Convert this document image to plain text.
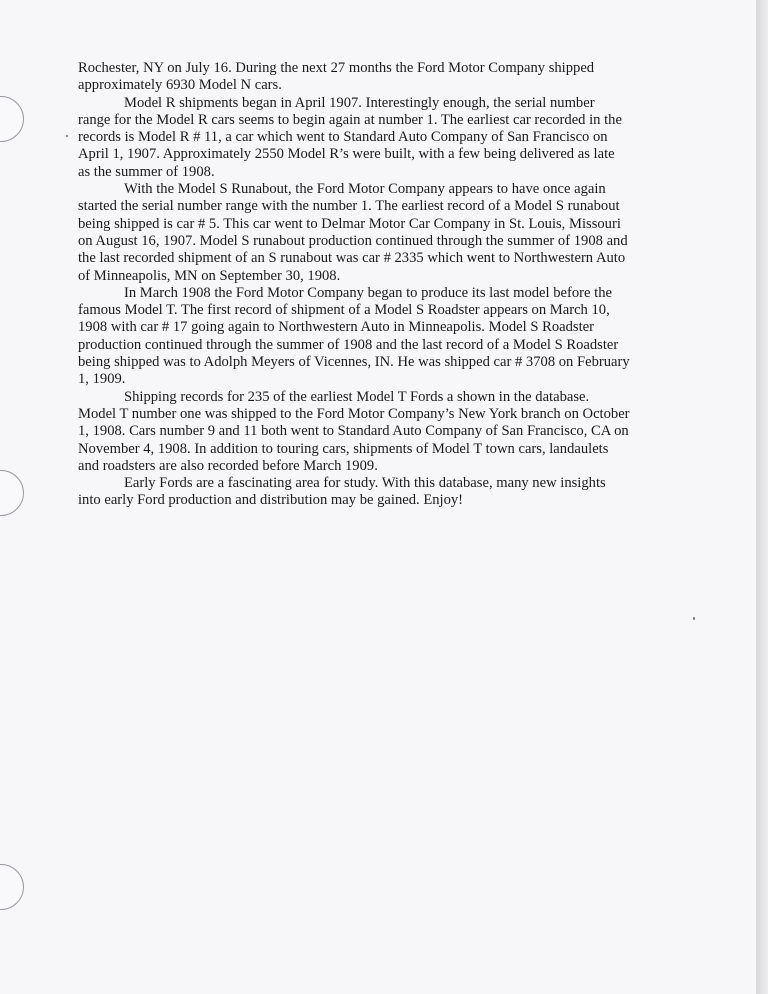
Rochester, NY on July 16. During the next 27 months the Ford Motor Company shipped approximately 6930 Model N cars.

Model R shipments began in April 1907. Interestingly enough, the serial number range for the Model R cars seems to begin again at number 1. The earliest car recorded in the records is Model R # 11, a car which went to Standard Auto Company of San Francisco on April 1, 1907. Approximately 2550 Model R’s were built, with a few being delivered as late as the summer of 1908.

With the Model S Runabout, the Ford Motor Company appears to have once again started the serial number range with the number 1. The earliest record of a Model S runabout being shipped is car # 5. This car went to Delmar Motor Car Company in St. Louis, Missouri on August 16, 1907. Model S runabout production continued through the summer of 1908 and the last recorded shipment of an S runabout was car # 2335 which went to Northwestern Auto of Minneapolis, MN on September 30, 1908.

In March 1908 the Ford Motor Company began to produce its last model before the famous Model T. The first record of shipment of a Model S Roadster appears on March 10, 1908 with car # 17 going again to Northwestern Auto in Minneapolis. Model S Roadster production continued through the summer of 1908 and the last record of a Model S Roadster being shipped was to Adolph Meyers of Vicennes, IN. He was shipped car # 3708 on February 1, 1909.

Shipping records for 235 of the earliest Model T Fords a shown in the database. Model T number one was shipped to the Ford Motor Company’s New York branch on October 1, 1908. Cars number 9 and 11 both went to Standard Auto Company of San Francisco, CA on November 4, 1908. In addition to touring cars, shipments of Model T town cars, landaulets and roadsters are also recorded before March 1909.

Early Fords are a fascinating area for study. With this database, many new insights into early Ford production and distribution may be gained. Enjoy!
